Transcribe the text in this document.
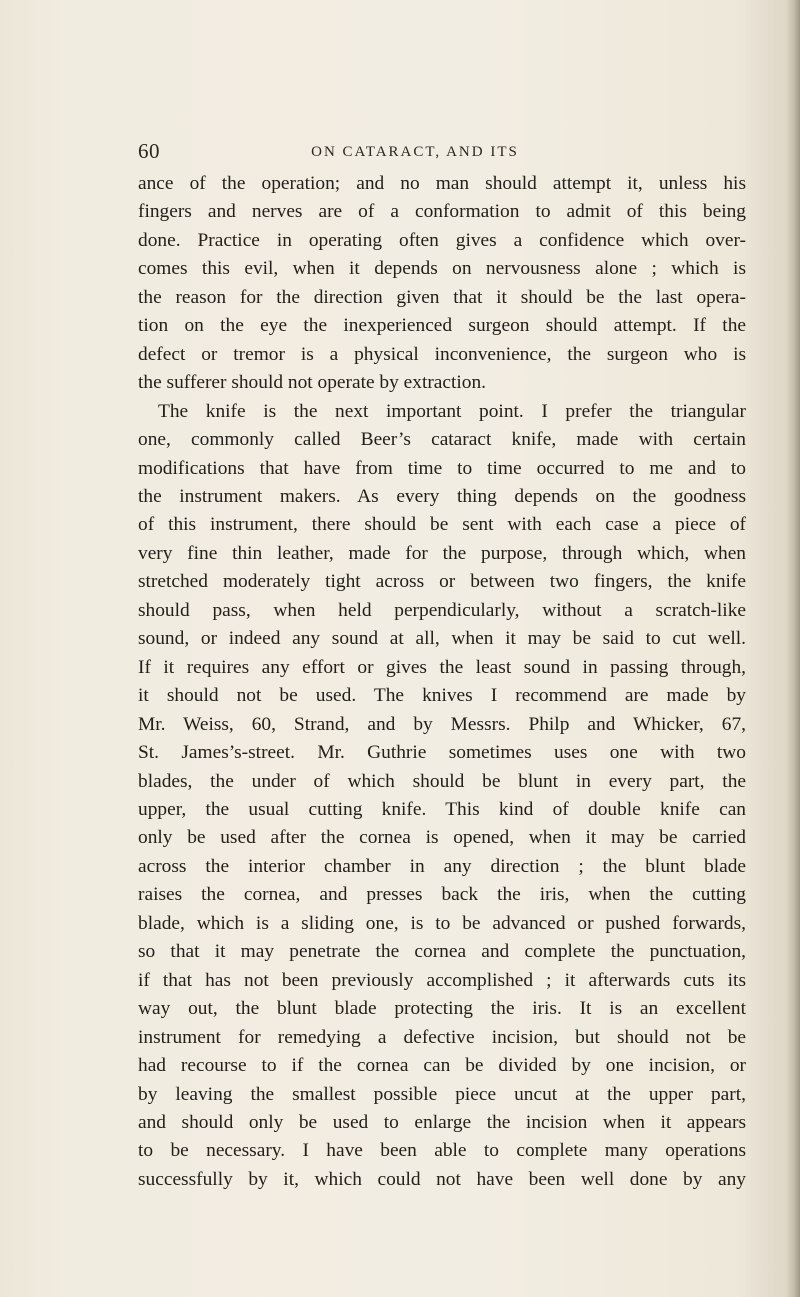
60	ON CATARACT, AND ITS
ance of the operation; and no man should attempt it, unless his
fingers and nerves are of a conformation to admit of this being
done. Practice in operating often gives a confidence which over-
comes this evil, when it depends on nervousness alone ; which is
the reason for the direction given that it should be the last opera-
tion on the eye the inexperienced surgeon should attempt. If the
defect or tremor is a physical inconvenience, the surgeon who is
the sufferer should not operate by extraction.
The knife is the next important point. I prefer the triangular
one, commonly called Beer’s cataract knife, made with certain
modifications that have from time to time occurred to me and to
the instrument makers. As every thing depends on the goodness
of this instrument, there should be sent with each case a piece of
very fine thin leather, made for the purpose, through which, when
stretched moderately tight across or between two fingers, the knife
should pass, when held perpendicularly, without a scratch-like
sound, or indeed any sound at all, when it may be said to cut well.
If it requires any effort or gives the least sound in passing through,
it should not be used. The knives I recommend are made by
Mr. Weiss, 60, Strand, and by Messrs. Philp and Whicker, 67,
St. James’s-street. Mr. Guthrie sometimes uses one with two
blades, the under of which should be blunt in every part, the
upper, the usual cutting knife. This kind of double knife can
only be used after the cornea is opened, when it may be carried
across the interior chamber in any direction ; the blunt blade
raises the cornea, and presses back the iris, when the cutting
blade, which is a sliding one, is to be advanced or pushed forwards,
so that it may penetrate the cornea and complete the punctuation,
if that has not been previously accomplished ; it afterwards cuts its
way out, the blunt blade protecting the iris. It is an excellent
instrument for remedying a defective incision, but should not be
had recourse to if the cornea can be divided by one incision, or
by leaving the smallest possible piece uncut at the upper part,
and should only be used to enlarge the incision when it appears
to be necessary. I have been able to complete many operations
successfully by it, which could not have been well done by any
